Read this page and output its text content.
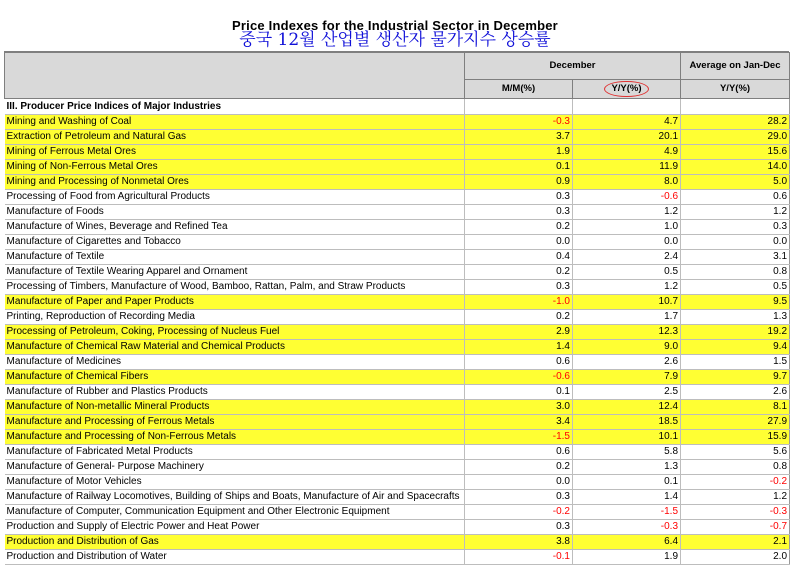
Price Indexes for the Industrial Sector in December
중국 12월 산업별 생산자 물가지수 상승률
	December		Average on Jan-Dec
	M/M(%)	Y/Y(%)	Y/Y(%)
III. Producer Price Indices of Major Industries			
Mining and Washing of Coal	-0.3	4.7	28.2
Extraction of Petroleum and Natural Gas	3.7	20.1	29.0
Mining of Ferrous Metal Ores	1.9	4.9	15.6
Mining of Non-Ferrous Metal Ores	0.1	11.9	14.0
Mining and Processing of Nonmetal Ores	0.9	8.0	5.0
Processing of Food from Agricultural Products	0.3	-0.6	0.6
Manufacture of Foods	0.3	1.2	1.2
Manufacture of Wines, Beverage and Refined Tea	0.2	1.0	0.3
Manufacture of Cigarettes and Tobacco	0.0	0.0	0.0
Manufacture of Textile	0.4	2.4	3.1
Manufacture of Textile Wearing Apparel and Ornament	0.2	0.5	0.8
Processing of Timbers, Manufacture of Wood, Bamboo, Rattan, Palm, and Straw Products	0.3	1.2	0.5
Manufacture of Paper and Paper Products	-1.0	10.7	9.5
Printing, Reproduction of Recording Media	0.2	1.7	1.3
Processing of Petroleum, Coking, Processing of Nucleus Fuel	2.9	12.3	19.2
Manufacture of Chemical Raw Material and Chemical Products	1.4	9.0	9.4
Manufacture of Medicines	0.6	2.6	1.5
Manufacture of Chemical Fibers	-0.6	7.9	9.7
Manufacture of Rubber and Plastics Products	0.1	2.5	2.6
Manufacture of Non-metallic Mineral Products	3.0	12.4	8.1
Manufacture and Processing of Ferrous Metals	3.4	18.5	27.9
Manufacture and Processing of Non-Ferrous Metals	-1.5	10.1	15.9
Manufacture of Fabricated Metal Products	0.6	5.8	5.6
Manufacture of General- Purpose Machinery	0.2	1.3	0.8
Manufacture of Motor Vehicles	0.0	0.1	-0.2
Manufacture of Railway Locomotives, Building of Ships and Boats, Manufacture of Air and Spacecrafts	0.3	1.4	1.2
Manufacture of Computer, Communication Equipment and Other Electronic Equipment	-0.2	-1.5	-0.3
Production and Supply of Electric Power and Heat Power	0.3	-0.3	-0.7
Production and Distribution of Gas	3.8	6.4	2.1
Production and Distribution of Water	-0.1	1.9	2.0
